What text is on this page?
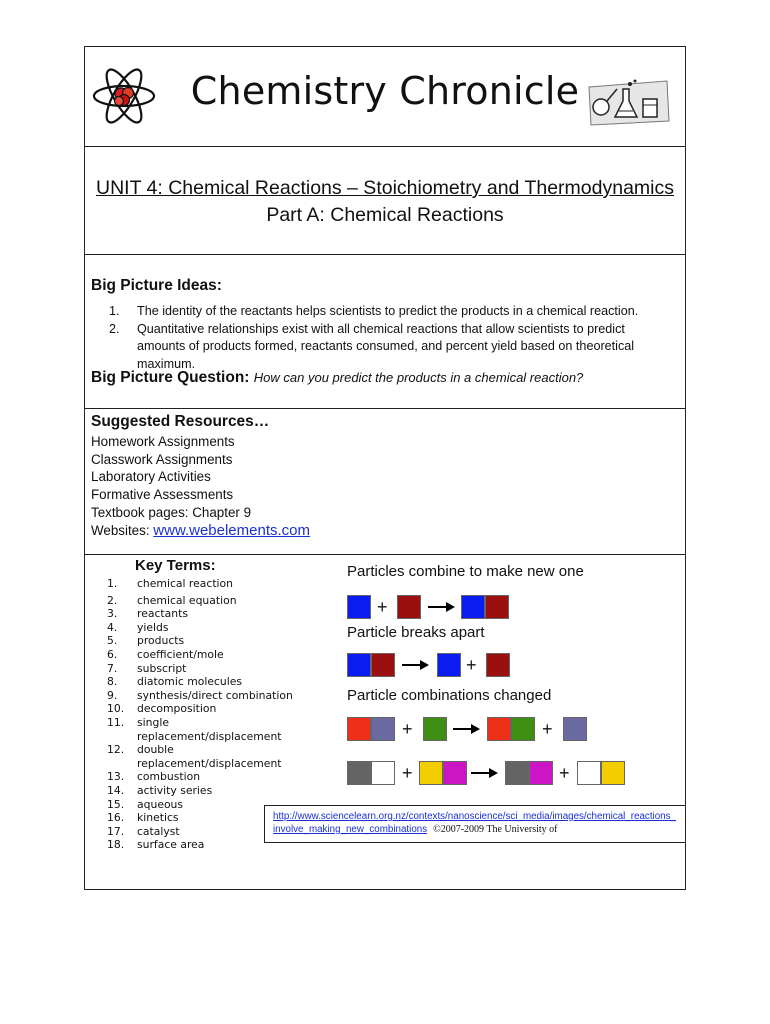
Chemistry Chronicle
UNIT 4: Chemical Reactions – Stoichiometry and Thermodynamics
Part A: Chemical Reactions
Big Picture Ideas:
1. The identity of the reactants helps scientists to predict the products in a chemical reaction.
2. Quantitative relationships exist with all chemical reactions that allow scientists to predict amounts of products formed, reactants consumed, and percent yield based on theoretical maximum.
Big Picture Question: How can you predict the products in a chemical reaction?
Suggested Resources…
Homework Assignments
Classwork Assignments
Laboratory Activities
Formative Assessments
Textbook pages: Chapter 9
Websites: www.webelements.com
Key Terms:
1. chemical reaction
2. chemical equation
3. reactants
4. yields
5. products
6. coefficient/mole
7. subscript
8. diatomic molecules
9. synthesis/direct combination
10. decomposition
11. single replacement/displacement
12. double replacement/displacement
13. combustion
14. activity series
15. aqueous
16. kinetics
17. catalyst
18. surface area
Particles combine to make new one
+
Particle breaks apart
+
Particle combinations changed
+	+
+	+
http://www.sciencelearn.org.nz/contexts/nanoscience/sci_media/images/chemical_reactions_involve_making_new_combinations ©2007-2009 The University of
